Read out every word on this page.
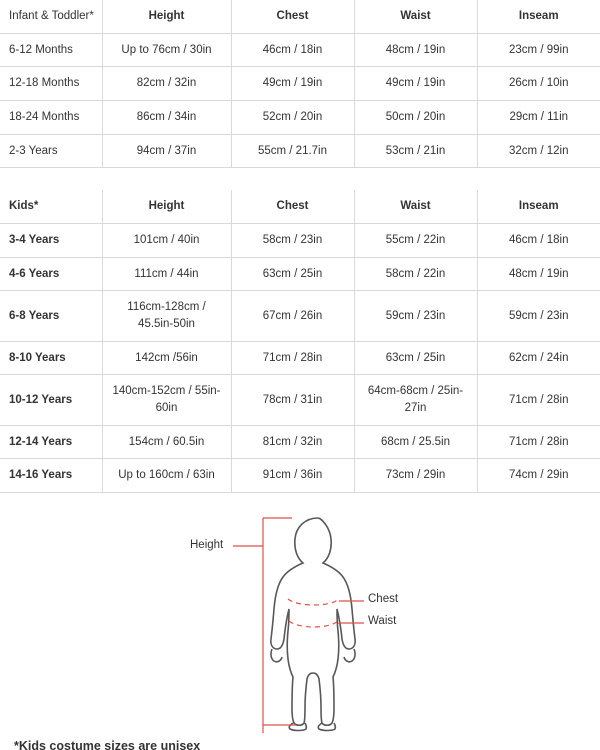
Infant & Toddler*	Height	Chest	Waist	Inseam
6-12 Months	Up to 76cm / 30in	46cm / 18in	48cm / 19in	23cm / 99in
12-18 Months	82cm / 32in	49cm / 19in	49cm / 19in	26cm / 10in
18-24 Months	86cm / 34in	52cm / 20in	50cm / 20in	29cm / 11in
2-3 Years	94cm / 37in	55cm / 21.7in	53cm / 21in	32cm / 12in
Kids*	Height	Chest	Waist	Inseam
3-4 Years	101cm / 40in	58cm / 23in	55cm / 22in	46cm / 18in
4-6 Years	111cm / 44in	63cm / 25in	58cm / 22in	48cm / 19in
6-8 Years	116cm-128cm / 45.5in-50in	67cm / 26in	59cm / 23in	59cm / 23in
8-10 Years	142cm /56in	71cm / 28in	63cm / 25in	62cm / 24in
10-12 Years	140cm-152cm / 55in-60in	78cm / 31in	64cm-68cm / 25in-27in	71cm / 28in
12-14 Years	154cm / 60.5in	81cm / 32in	68cm / 25.5in	71cm / 28in
14-16 Years	Up to 160cm / 63in	91cm / 36in	73cm / 29in	74cm / 29in
Height
Chest
Waist
*Kids costume sizes are unisex
